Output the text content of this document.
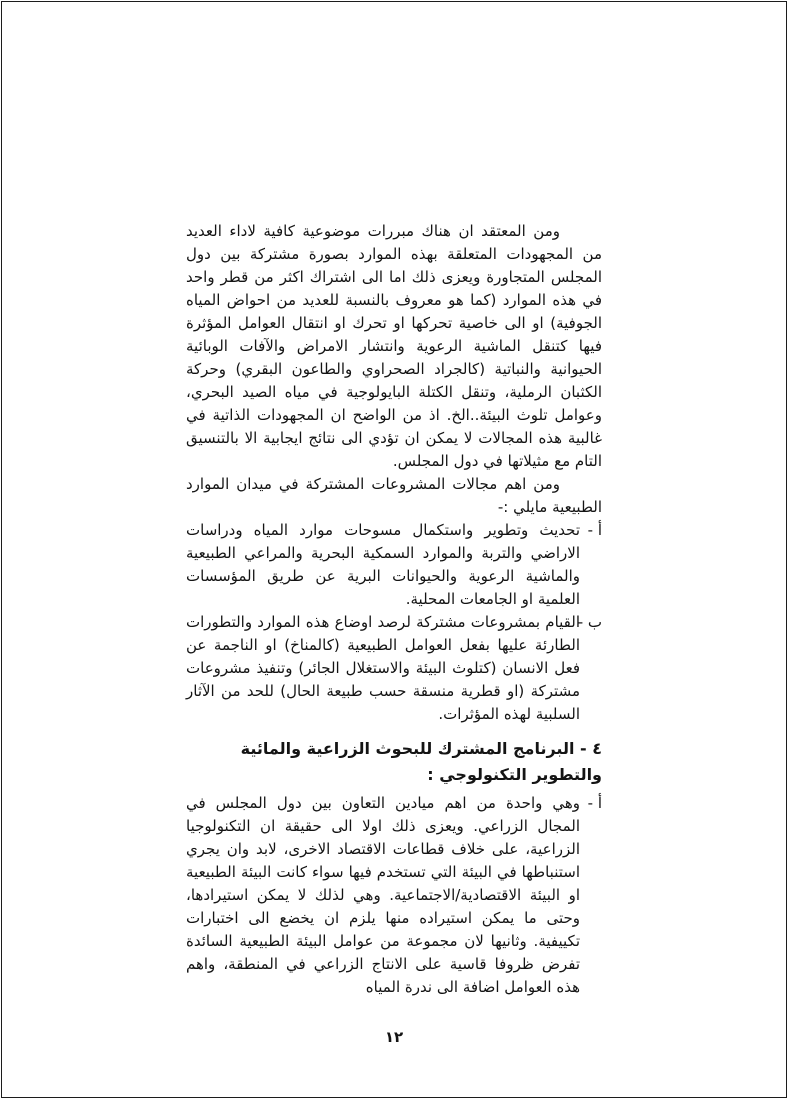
ومن المعتقد ان هناك مبررات موضوعية كافية لاداء العديد من المجهودات المتعلقة بهذه الموارد بصورة مشتركة بين دول المجلس المتجاورة ويعزى ذلك اما الى اشتراك اكثر من قطر واحد في هذه الموارد (كما هو معروف بالنسبة للعديد من احواض المياه الجوفية) او الى خاصية تحركها او تحرك او انتقال العوامل المؤثرة فيها كتنقل الماشية الرعوية وانتشار الامراض والآفات الوبائية الحيوانية والنباتية (كالجراد الصحراوي والطاعون البقري) وحركة الكثبان الرملية، وتنقل الكتلة البايولوجية في مياه الصيد البحري، وعوامل تلوث البيئة..الخ. اذ من الواضح ان المجهودات الذاتية في غالبية هذه المجالات لا يمكن ان تؤدي الى نتائج ايجابية الا بالتنسيق التام مع مثيلاتها في دول المجلس.

ومن اهم مجالات المشروعات المشتركة في ميدان الموارد الطبيعية مايلي :-

أ -
تحديث وتطوير واستكمال مسوحات موارد المياه ودراسات الاراضي والتربة والموارد السمكية البحرية والمراعي الطبيعية والماشية الرعوية والحيوانات البرية عن طريق المؤسسات العلمية او الجامعات المحلية.
ب -
القيام بمشروعات مشتركة لرصد اوضاع هذه الموارد والتطورات الطارئة عليها بفعل العوامل الطبيعية (كالمناخ) او الناجمة عن فعل الانسان (كتلوث البيئة والاستغلال الجائر) وتنفيذ مشروعات مشتركة (او قطرية منسقة حسب طبيعة الحال) للحد من الآثار السلبية لهذه المؤثرات.
٤ - البرنامج المشترك للبحوث الزراعية والمائية والتطوير التكنولوجي :
أ -
وهي واحدة من اهم ميادين التعاون بين دول المجلس في المجال الزراعي. ويعزى ذلك اولا الى حقيقة ان التكنولوجيا الزراعية، على خلاف قطاعات الاقتصاد الاخرى، لابد وان يجري استنباطها في البيئة التي تستخدم فيها سواء كانت البيئة الطبيعية او البيئة الاقتصادية/الاجتماعية. وهي لذلك لا يمكن استيرادها، وحتى ما يمكن استيراده منها يلزم ان يخضع الى اختبارات تكييفية. وثانيها لان مجموعة من عوامل البيئة الطبيعية السائدة تفرض ظروفا قاسية على الانتاج الزراعي في المنطقة، واهم هذه العوامل اضافة الى ندرة المياه
١٢
